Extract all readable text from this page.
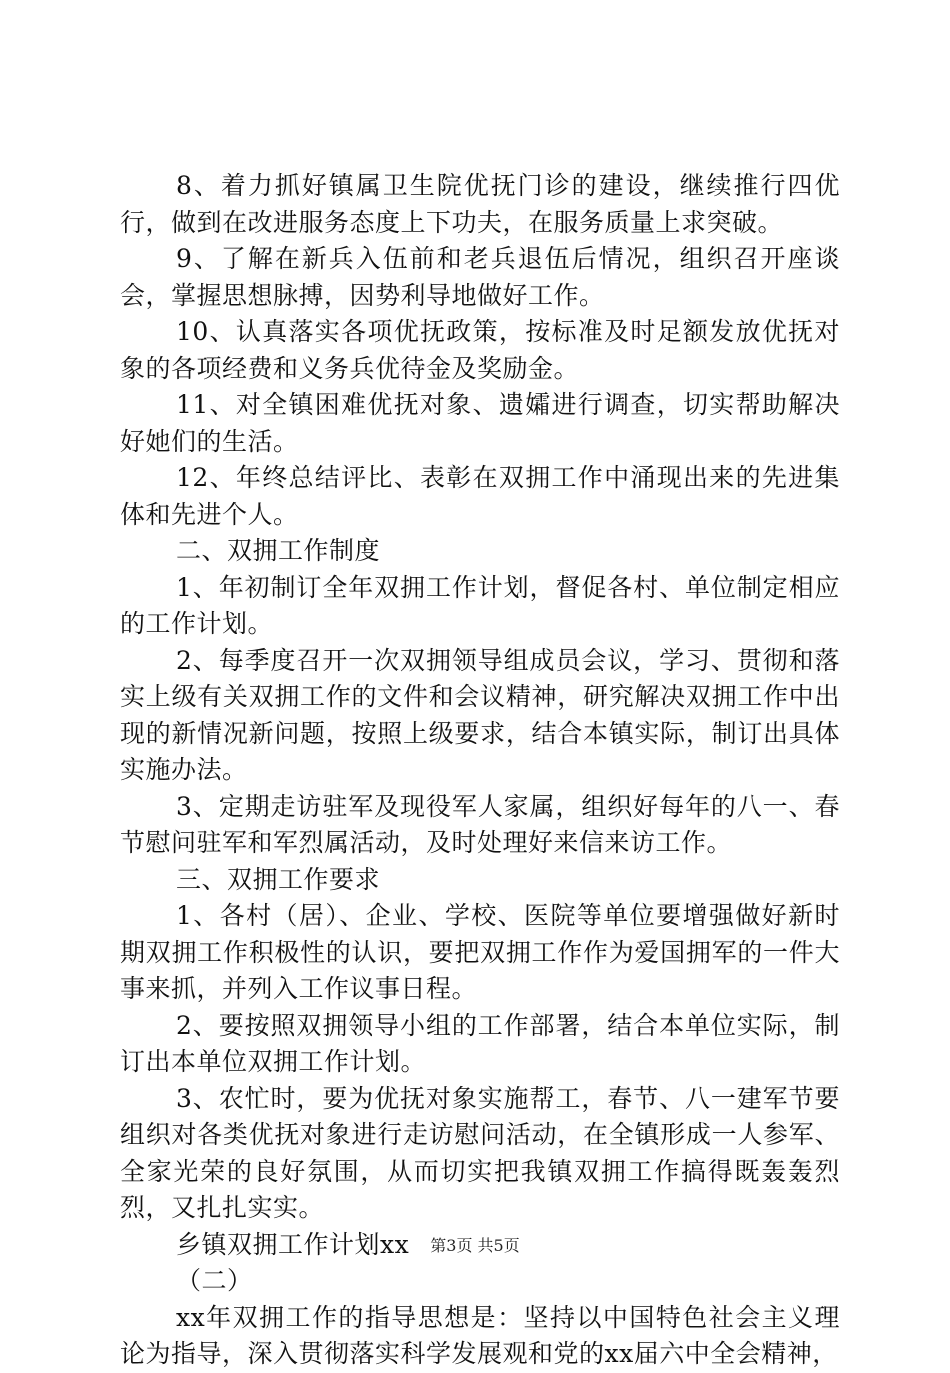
8、着力抓好镇属卫生院优抚门诊的建设，继续推行四优行，做到在改进服务态度上下功夫，在服务质量上求突破。

9、了解在新兵入伍前和老兵退伍后情况，组织召开座谈会，掌握思想脉搏，因势利导地做好工作。

10、认真落实各项优抚政策，按标准及时足额发放优抚对象的各项经费和义务兵优待金及奖励金。

11、对全镇困难优抚对象、遗孀进行调查，切实帮助解决好她们的生活。

12、年终总结评比、表彰在双拥工作中涌现出来的先进集体和先进个人。

二、双拥工作制度

1、年初制订全年双拥工作计划，督促各村、单位制定相应的工作计划。

2、每季度召开一次双拥领导组成员会议，学习、贯彻和落实上级有关双拥工作的文件和会议精神，研究解决双拥工作中出现的新情况新问题，按照上级要求，结合本镇实际，制订出具体实施办法。

3、定期走访驻军及现役军人家属，组织好每年的八一、春节慰问驻军和军烈属活动，及时处理好来信来访工作。

三、双拥工作要求

1、各村（居）、企业、学校、医院等单位要增强做好新时期双拥工作积极性的认识，要把双拥工作作为爱国拥军的一件大事来抓，并列入工作议事日程。

2、要按照双拥领导小组的工作部署，结合本单位实际，制订出本单位双拥工作计划。

3、农忙时，要为优抚对象实施帮工，春节、八一建军节要组织对各类优抚对象进行走访慰问活动，在全镇形成一人参军、全家光荣的良好氛围，从而切实把我镇双拥工作搞得既轰轰烈烈，又扎扎实实。

乡镇双拥工作计划xx

（二）

xx年双拥工作的指导思想是：坚持以中国特色社会主义理论为指导，深入贯彻落实科学发展观和党的xx届六中全会精神，

第3页 共5页
